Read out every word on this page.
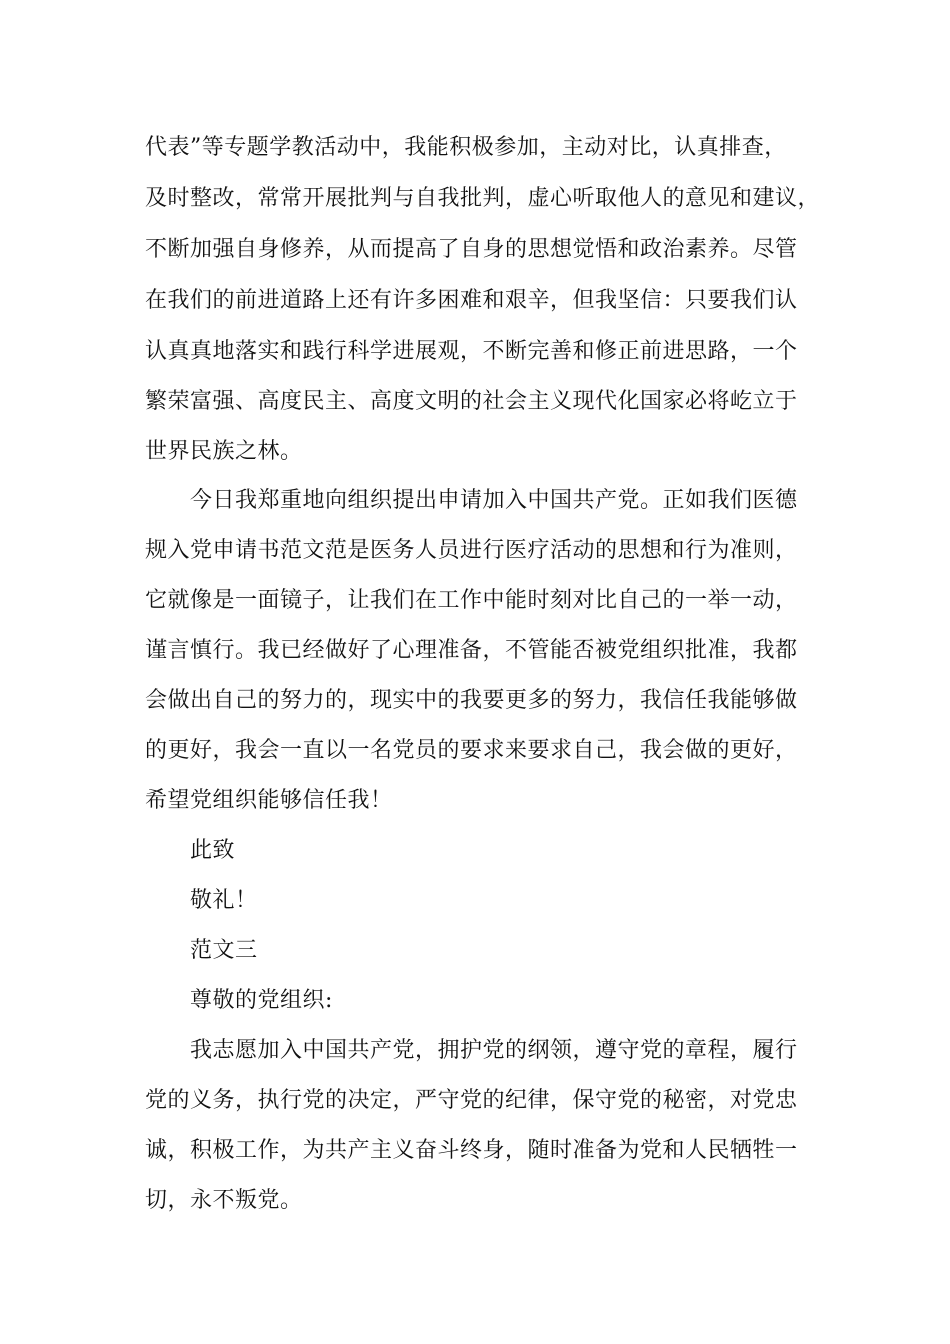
代表”等专题学教活动中，我能积极参加，主动对比，认真排查，
及时整改，常常开展批判与自我批判，虚心听取他人的意见和建议，
不断加强自身修养，从而提高了自身的思想觉悟和政治素养。尽管
在我们的前进道路上还有许多困难和艰辛，但我坚信：只要我们认
认真真地落实和践行科学进展观，不断完善和修正前进思路，一个
繁荣富强、高度民主、高度文明的社会主义现代化国家必将屹立于
世界民族之林。
今日我郑重地向组织提出申请加入中国共产党。正如我们医德
规入党申请书范文范是医务人员进行医疗活动的思想和行为准则，
它就像是一面镜子，让我们在工作中能时刻对比自己的一举一动，
谨言慎行。我已经做好了心理准备，不管能否被党组织批准，我都
会做出自己的努力的，现实中的我要更多的努力，我信任我能够做
的更好，我会一直以一名党员的要求来要求自己，我会做的更好，
希望党组织能够信任我！
此致
敬礼！
范文三
尊敬的党组织:
我志愿加入中国共产党，拥护党的纲领，遵守党的章程，履行
党的义务，执行党的决定，严守党的纪律，保守党的秘密，对党忠
诚，积极工作，为共产主义奋斗终身，随时准备为党和人民牺牲一
切，永不叛党。
